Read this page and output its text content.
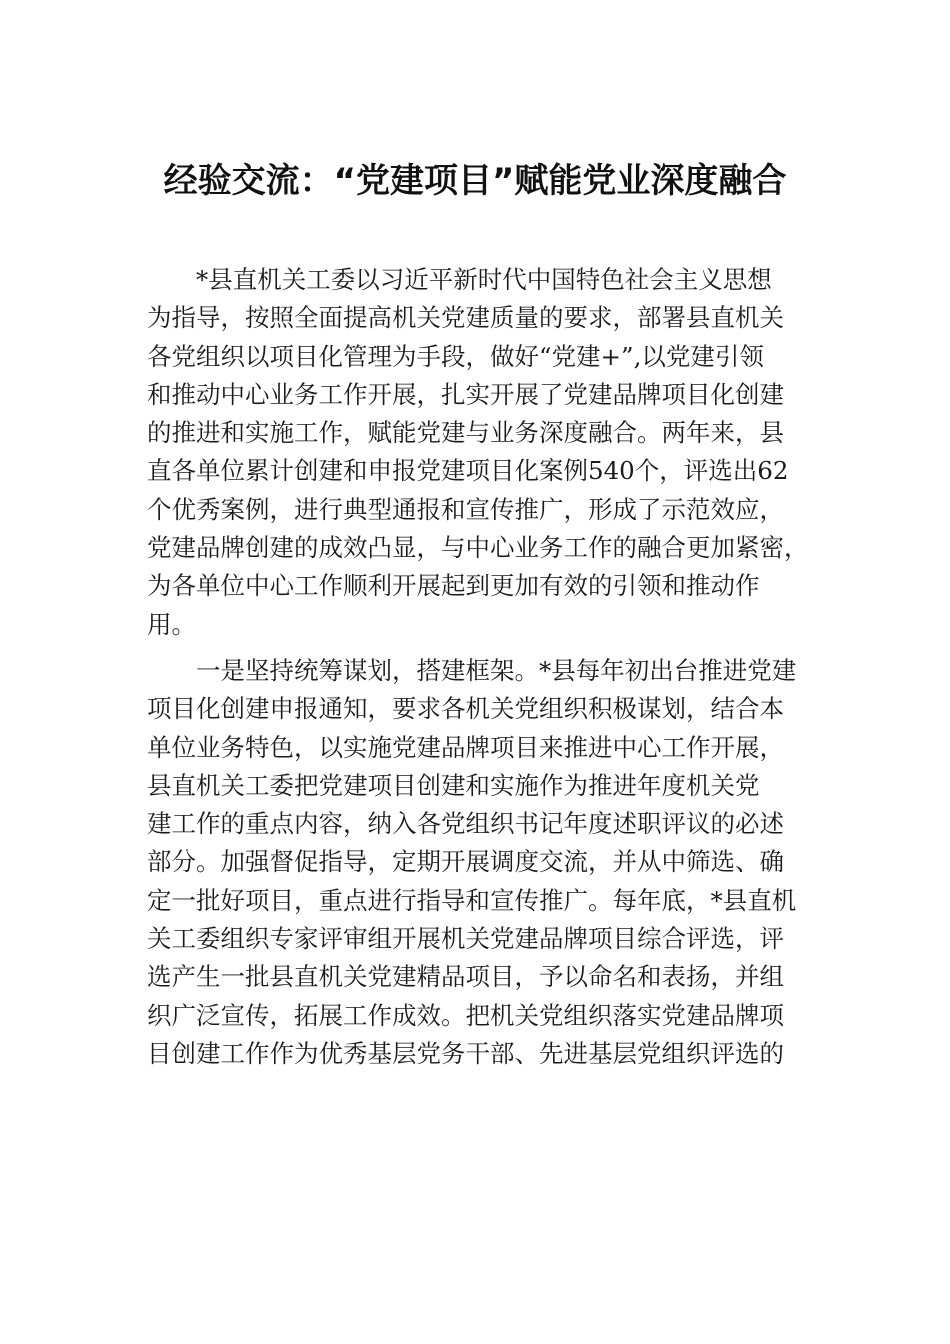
经验交流：“党建项目”赋能党业深度融合
*县直机关工委以习近平新时代中国特色社会主义思想
为指导，按照全面提高机关党建质量的要求，部署县直机关
各党组织以项目化管理为手段，做好“党建+”,以党建引领
和推动中心业务工作开展，扎实开展了党建品牌项目化创建
的推进和实施工作，赋能党建与业务深度融合。两年来，县
直各单位累计创建和申报党建项目化案例540个，评选出62
个优秀案例，进行典型通报和宣传推广，形成了示范效应，
党建品牌创建的成效凸显，与中心业务工作的融合更加紧密，
为各单位中心工作顺利开展起到更加有效的引领和推动作
用。
一是坚持统筹谋划，搭建框架。*县每年初出台推进党建
项目化创建申报通知，要求各机关党组织积极谋划，结合本
单位业务特色，以实施党建品牌项目来推进中心工作开展，
县直机关工委把党建项目创建和实施作为推进年度机关党
建工作的重点内容，纳入各党组织书记年度述职评议的必述
部分。加强督促指导，定期开展调度交流，并从中筛选、确
定一批好项目，重点进行指导和宣传推广。每年底，*县直机
关工委组织专家评审组开展机关党建品牌项目综合评选，评
选产生一批县直机关党建精品项目，予以命名和表扬，并组
织广泛宣传，拓展工作成效。把机关党组织落实党建品牌项
目创建工作作为优秀基层党务干部、先进基层党组织评选的
